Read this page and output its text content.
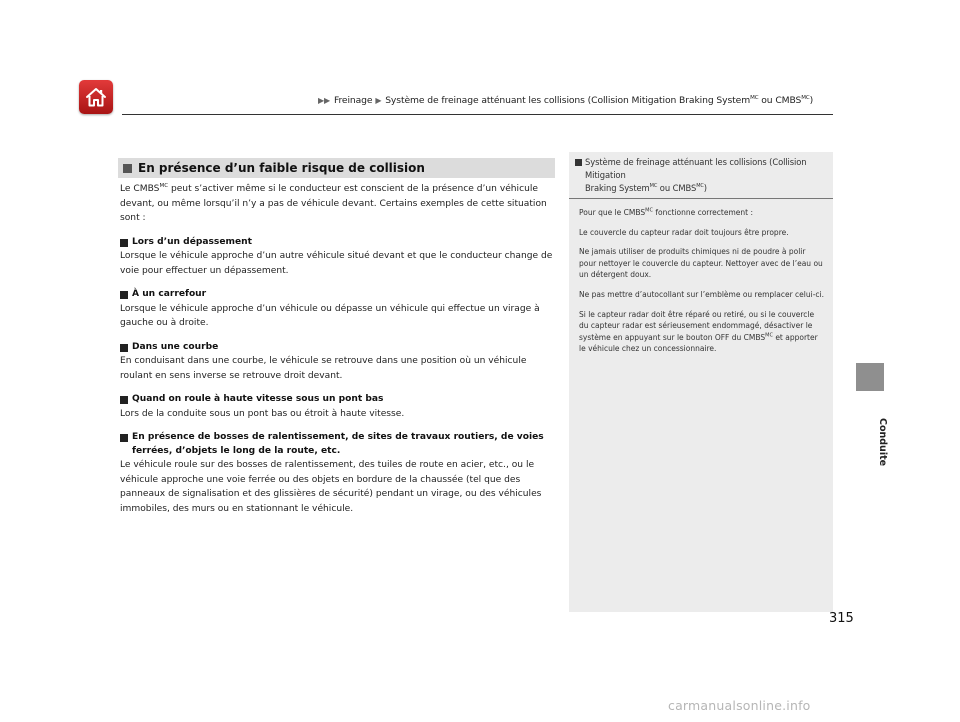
▶▶ Freinage ▶ Système de freinage atténuant les collisions (Collision Mitigation Braking System$^{MC}$ ou $CMBS^{MC}$)
Conduite
En présence d’un faible risque de collision

Le $CMBS^{MC}$ peut s’activer même si le conducteur est conscient de la présence d’un véhicule devant, ou même lorsqu’il n’y a pas de véhicule devant. Certains exemples de cette situation sont :

Lors d’un dépassement

Lorsque le véhicule approche d’un autre véhicule situé devant et que le conducteur change de voie pour effectuer un dépassement.

À un carrefour

Lorsque le véhicule approche d’un véhicule ou dépasse un véhicule qui effectue un virage à gauche ou à droite.

Dans une courbe

En conduisant dans une courbe, le véhicule se retrouve dans une position où un véhicule roulant en sens inverse se retrouve droit devant.

Quand on roule à haute vitesse sous un pont bas

Lors de la conduite sous un pont bas ou étroit à haute vitesse.

En présence de bosses de ralentissement, de sites de travaux routiers, de voies ferrées, d’objets le long de la route, etc.

Le véhicule roule sur des bosses de ralentissement, des tuiles de route en acier, etc., ou le véhicule approche une voie ferrée ou des objets en bordure de la chaussée (tel que des panneaux de signalisation et des glissières de sécurité) pendant un virage, ou des véhicules immobiles, des murs ou en stationnant le véhicule.

Système de freinage atténuant les collisions (Collision Mitigation
Braking System$^{MC}$ ou $CMBS^{MC}$)

Pour que le $CMBS^{MC}$ fonctionne correctement :

Le couvercle du capteur radar doit toujours être propre.

Ne jamais utiliser de produits chimiques ni de poudre à polir pour nettoyer le couvercle du capteur. Nettoyer avec de l’eau ou un détergent doux.

Ne pas mettre d’autocollant sur l’emblème ou remplacer celui-ci.

Si le capteur radar doit être réparé ou retiré, ou si le couvercle du capteur radar est sérieusement endommagé, désactiver le système en appuyant sur le bouton OFF du $CMBS^{MC}$ et apporter le véhicule chez un concessionnaire.

315
carmanualsonline.info
